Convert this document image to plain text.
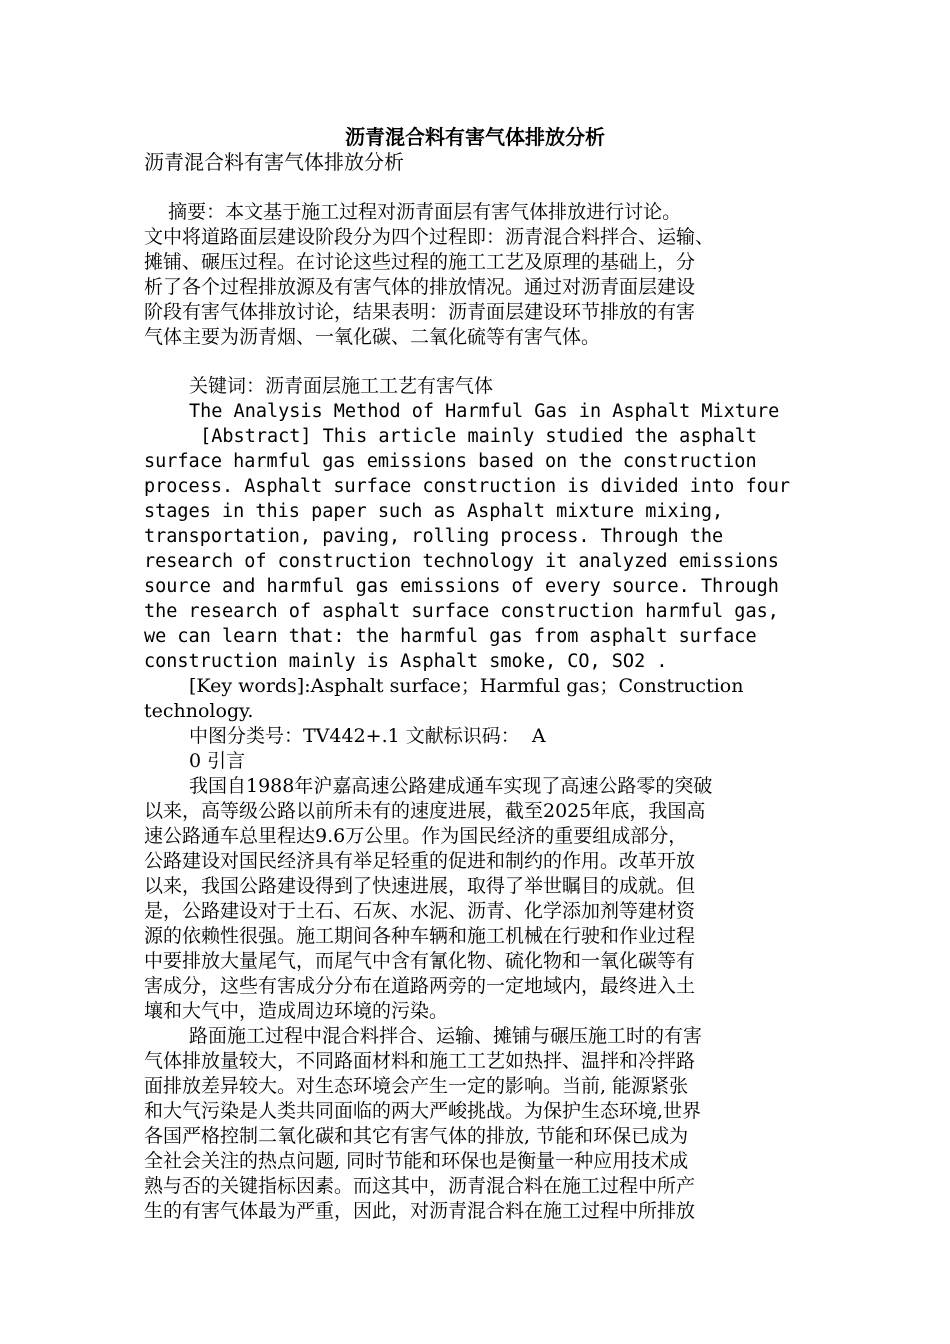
沥青混合料有害气体排放分析
沥青混合料有害气体排放分析
摘要：本文基于施工过程对沥青面层有害气体排放进行讨论。
文中将道路面层建设阶段分为四个过程即：沥青混合料拌合、运输、
摊铺、碾压过程。在讨论这些过程的施工工艺及原理的基础上，分
析了各个过程排放源及有害气体的排放情况。通过对沥青面层建设
阶段有害气体排放讨论，结果表明：沥青面层建设环节排放的有害
气体主要为沥青烟、一氧化碳、二氧化硫等有害气体。
关键词：沥青面层施工工艺有害气体
The Analysis Method of Harmful Gas in Asphalt Mixture
[Abstract] This article mainly studied the asphalt
surface harmful gas emissions based on the construction
process. Asphalt surface construction is divided into four
stages in this paper such as Asphalt mixture mixing,
transportation, paving, rolling process. Through the
research of construction technology it analyzed emissions
source and harmful gas emissions of every source. Through
the research of asphalt surface construction harmful gas,
we can learn that: the harmful gas from asphalt surface
construction mainly is Asphalt smoke, CO, SO2 .
[Key words]:Asphalt surface；Harmful gas；Construction
technology.
中图分类号：TV442+.1 文献标识码：  A
0 引言
我国自1988年沪嘉高速公路建成通车实现了高速公路零的突破
以来，高等级公路以前所未有的速度进展，截至2025年底，我国高
速公路通车总里程达9.6万公里。作为国民经济的重要组成部分，
公路建设对国民经济具有举足轻重的促进和制约的作用。改革开放
以来，我国公路建设得到了快速进展，取得了举世瞩目的成就。但
是，公路建设对于土石、石灰、水泥、沥青、化学添加剂等建材资
源的依赖性很强。施工期间各种车辆和施工机械在行驶和作业过程
中要排放大量尾气，而尾气中含有氰化物、硫化物和一氧化碳等有
害成分，这些有害成分分布在道路两旁的一定地域内，最终进入土
壤和大气中，造成周边环境的污染。
路面施工过程中混合料拌合、运输、摊铺与碾压施工时的有害
气体排放量较大，不同路面材料和施工工艺如热拌、温拌和冷拌路
面排放差异较大。对生态环境会产生一定的影响。当前, 能源紧张
和大气污染是人类共同面临的两大严峻挑战。为保护生态环境,世界
各国严格控制二氧化碳和其它有害气体的排放, 节能和环保已成为
全社会关注的热点问题, 同时节能和环保也是衡量一种应用技术成
熟与否的关键指标因素。而这其中，沥青混合料在施工过程中所产
生的有害气体最为严重，因此，对沥青混合料在施工过程中所排放
